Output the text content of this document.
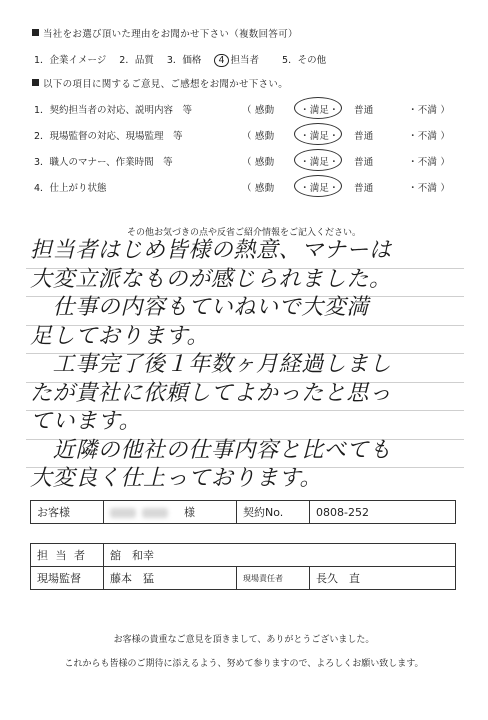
当社をお選び頂いた理由をお聞かせ下さい（複数回答可）
1．企業イメージ 2．品質 3．価格 4 担当者 5．その他
以下の項目に関するご意見、ご感想をお聞かせ下さい。
1．契約担当者の対応、説明内容　等	（ 感動	・満足・ 普通	・不満 ）
2．現場監督の対応、現場監理　等	（ 感動	・満足・ 普通	・不満 ）
3．職人のマナー、作業時間　等	（ 感動	・満足・ 普通	・不満 ）
4．仕上がり状態	（ 感動	・満足・ 普通	・不満 ）
その他お気づきの点や反省ご紹介情報をご記入ください。
担当者はじめ皆様の熱意、マナーは
大変立派なものが感じられました。
　仕事の内容もていねいで大変満
足しております。
　工事完了後１年数ヶ月経過しまし
たが貴社に依頼してよかったと思っ
ています。
　近隣の他社の仕事内容と比べても
大変良く仕上っております。
お客様	様	契約No.	0808-252
担 当 者	舘　和幸		
現場監督	藤本　猛	現場責任者	長久　直
お客様の貴重なご意見を頂きまして、ありがとうございました。
これからも皆様のご期待に添えるよう、努めて参りますので、よろしくお願い致します。
